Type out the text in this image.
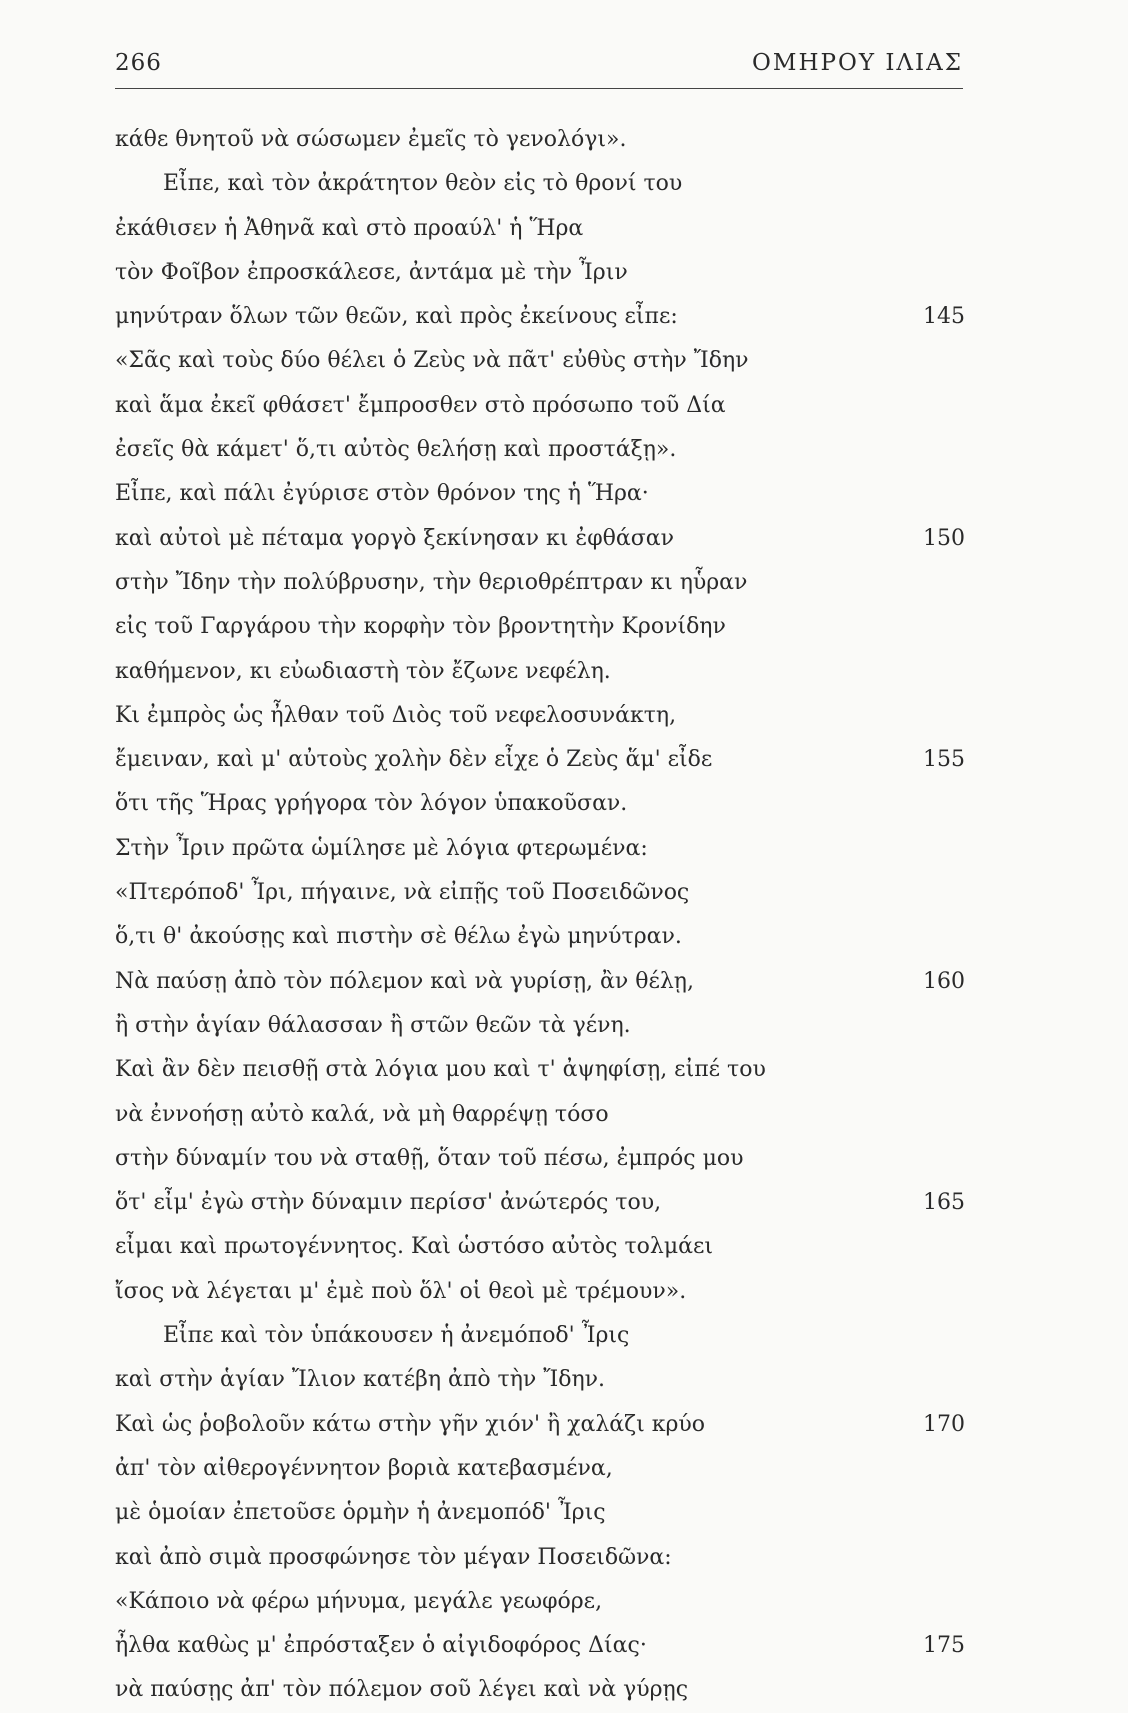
266	ΟΜΗΡΟΥ ΙΛΙΑΣ
κάθε θνητοῦ νὰ σώσωμεν ἐμεῖς τὸ γενολόγι».
Εἶπε, καὶ τὸν ἀκράτητον θεὸν εἰς τὸ θρονί του
ἐκάθισεν ἡ Ἀθηνᾶ καὶ στὸ προαύλ' ἡ Ἥρα
τὸν Φοῖβον ἐπροσκάλεσε, ἀντάμα μὲ τὴν Ἶριν
μηνύτραν ὅλων τῶν θεῶν, καὶ πρὸς ἐκείνους εἶπε:	145
«Σᾶς καὶ τοὺς δύο θέλει ὁ Ζεὺς νὰ πᾶτ' εὐθὺς στὴν Ἴδην
καὶ ἅμα ἐκεῖ φθάσετ' ἔμπροσθεν στὸ πρόσωπο τοῦ Δία
ἐσεῖς θὰ κάμετ' ὅ,τι αὐτὸς θελήσῃ καὶ προστάξῃ».
Εἶπε, καὶ πάλι ἐγύρισε στὸν θρόνον της ἡ Ἥρα·
καὶ αὐτοὶ μὲ πέταμα γοργὸ ξεκίνησαν κι ἐφθάσαν	150
στὴν Ἴδην τὴν πολύβρυσην, τὴν θεριοθρέπτραν κι ηὗραν
εἰς τοῦ Γαργάρου τὴν κορφὴν τὸν βροντητὴν Κρονίδην
καθήμενον, κι εὐωδιαστὴ τὸν ἔζωνε νεφέλη.
Κι ἐμπρὸς ὡς ἦλθαν τοῦ Διὸς τοῦ νεφελοσυνάκτη,
ἔμειναν, καὶ μ' αὐτοὺς χολὴν δὲν εἶχε ὁ Ζεὺς ἅμ' εἶδε	155
ὅτι τῆς Ἥρας γρήγορα τὸν λόγον ὑπακοῦσαν.
Στὴν Ἶριν πρῶτα ὡμίλησε μὲ λόγια φτερωμένα:
«Πτερόποδ' Ἶρι, πήγαινε, νὰ εἰπῇς τοῦ Ποσειδῶνος
ὅ,τι θ' ἀκούσῃς καὶ πιστὴν σὲ θέλω ἐγὼ μηνύτραν.
Νὰ παύσῃ ἀπὸ τὸν πόλεμον καὶ νὰ γυρίσῃ, ἂν θέλῃ,	160
ἢ στὴν ἁγίαν θάλασσαν ἢ στῶν θεῶν τὰ γένη.
Καὶ ἂν δὲν πεισθῇ στὰ λόγια μου καὶ τ' ἀψηφίσῃ, εἰπέ του
νὰ ἐννοήσῃ αὐτὸ καλά, νὰ μὴ θαρρέψῃ τόσο
στὴν δύναμίν του νὰ σταθῇ, ὅταν τοῦ πέσω, ἐμπρός μου
ὅτ' εἶμ' ἐγὼ στὴν δύναμιν περίσσ' ἀνώτερός του,	165
εἶμαι καὶ πρωτογέννητος. Καὶ ὡστόσο αὐτὸς τολμάει
ἴσος νὰ λέγεται μ' ἐμὲ ποὺ ὅλ' οἱ θεοὶ μὲ τρέμουν».
Εἶπε καὶ τὸν ὑπάκουσεν ἡ ἀνεμόποδ' Ἶρις
καὶ στὴν ἁγίαν Ἴλιον κατέβη ἀπὸ τὴν Ἴδην.
Καὶ ὡς ῥοβολοῦν κάτω στὴν γῆν χιόν' ἢ χαλάζι κρύο	170
ἀπ' τὸν αἰθερογέννητον βοριὰ κατεβασμένα,
μὲ ὁμοίαν ἐπετοῦσε ὁρμὴν ἡ ἀνεμοπόδ' Ἶρις
καὶ ἀπὸ σιμὰ προσφώνησε τὸν μέγαν Ποσειδῶνα:
«Κάποιο νὰ φέρω μήνυμα, μεγάλε γεωφόρε,
ἦλθα καθὼς μ' ἐπρόσταξεν ὁ αἰγιδοφόρος Δίας·	175
νὰ παύσῃς ἀπ' τὸν πόλεμον σοῦ λέγει καὶ νὰ γύρῃς
